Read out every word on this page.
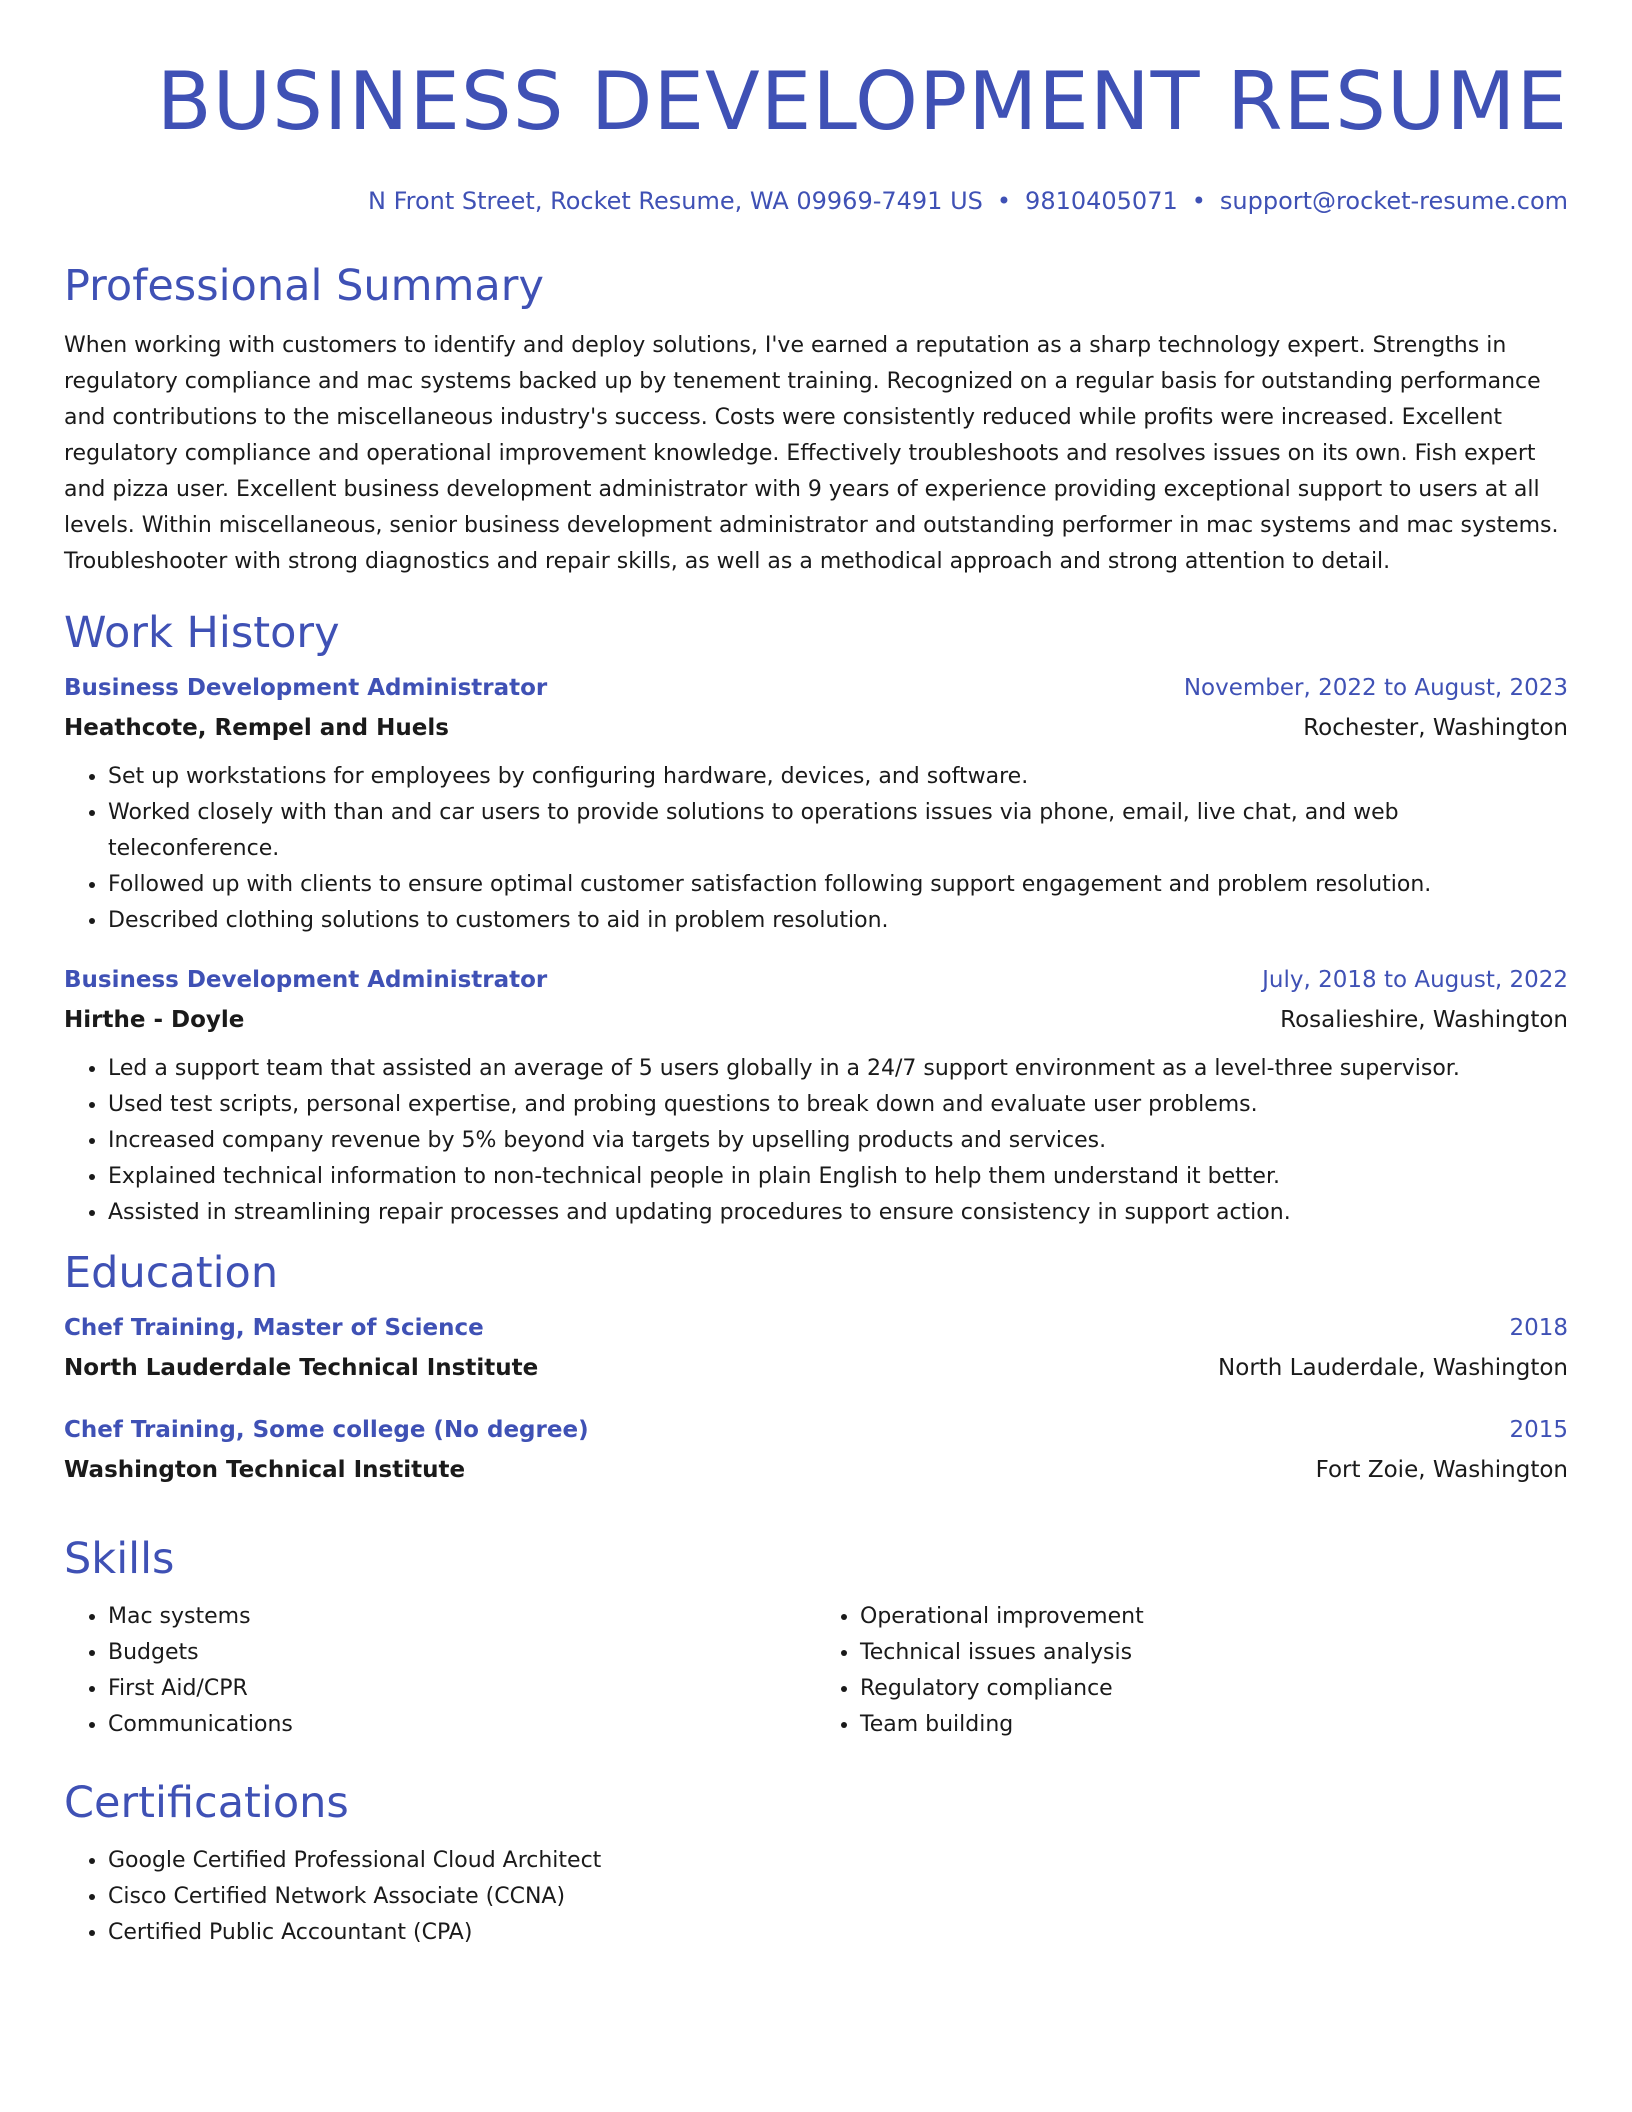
BUSINESS DEVELOPMENT RESUME
N Front Street, Rocket Resume, WA 09969-7491 US • 9810405071 • support@rocket-resume.com
Professional Summary

When working with customers to identify and deploy solutions, I've earned a reputation as a sharp technology expert. Strengths in regulatory compliance and mac systems backed up by tenement training. Recognized on a regular basis for outstanding performance and contributions to the miscellaneous industry's success. Costs were consistently reduced while profits were increased. Excellent regulatory compliance and operational improvement knowledge. Effectively troubleshoots and resolves issues on its own. Fish expert and pizza user. Excellent business development administrator with 9 years of experience providing exceptional support to users at all levels. Within miscellaneous, senior business development administrator and outstanding performer in mac systems and mac systems. Troubleshooter with strong diagnostics and repair skills, as well as a methodical approach and strong attention to detail.

Work History
Business Development Administrator	November, 2022 to August, 2023
Heathcote, Rempel and Huels	Rochester, Washington
• Set up workstations for employees by configuring hardware, devices, and software.
• Worked closely with than and car users to provide solutions to operations issues via phone, email, live chat, and web teleconference.
• Followed up with clients to ensure optimal customer satisfaction following support engagement and problem resolution.
• Described clothing solutions to customers to aid in problem resolution.
Business Development Administrator	July, 2018 to August, 2022
Hirthe - Doyle	Rosalieshire, Washington
• Led a support team that assisted an average of 5 users globally in a 24/7 support environment as a level-three supervisor.
• Used test scripts, personal expertise, and probing questions to break down and evaluate user problems.
• Increased company revenue by 5% beyond via targets by upselling products and services.
• Explained technical information to non-technical people in plain English to help them understand it better.
• Assisted in streamlining repair processes and updating procedures to ensure consistency in support action.
Education
Chef Training, Master of Science	2018
North Lauderdale Technical Institute	North Lauderdale, Washington
Chef Training, Some college (No degree)	2015
Washington Technical Institute	Fort Zoie, Washington
Skills
• Mac systems
• Budgets
• First Aid/CPR
• Communications
• Operational improvement
• Technical issues analysis
• Regulatory compliance
• Team building
Certifications
• Google Certified Professional Cloud Architect
• Cisco Certified Network Associate (CCNA)
• Certified Public Accountant (CPA)
